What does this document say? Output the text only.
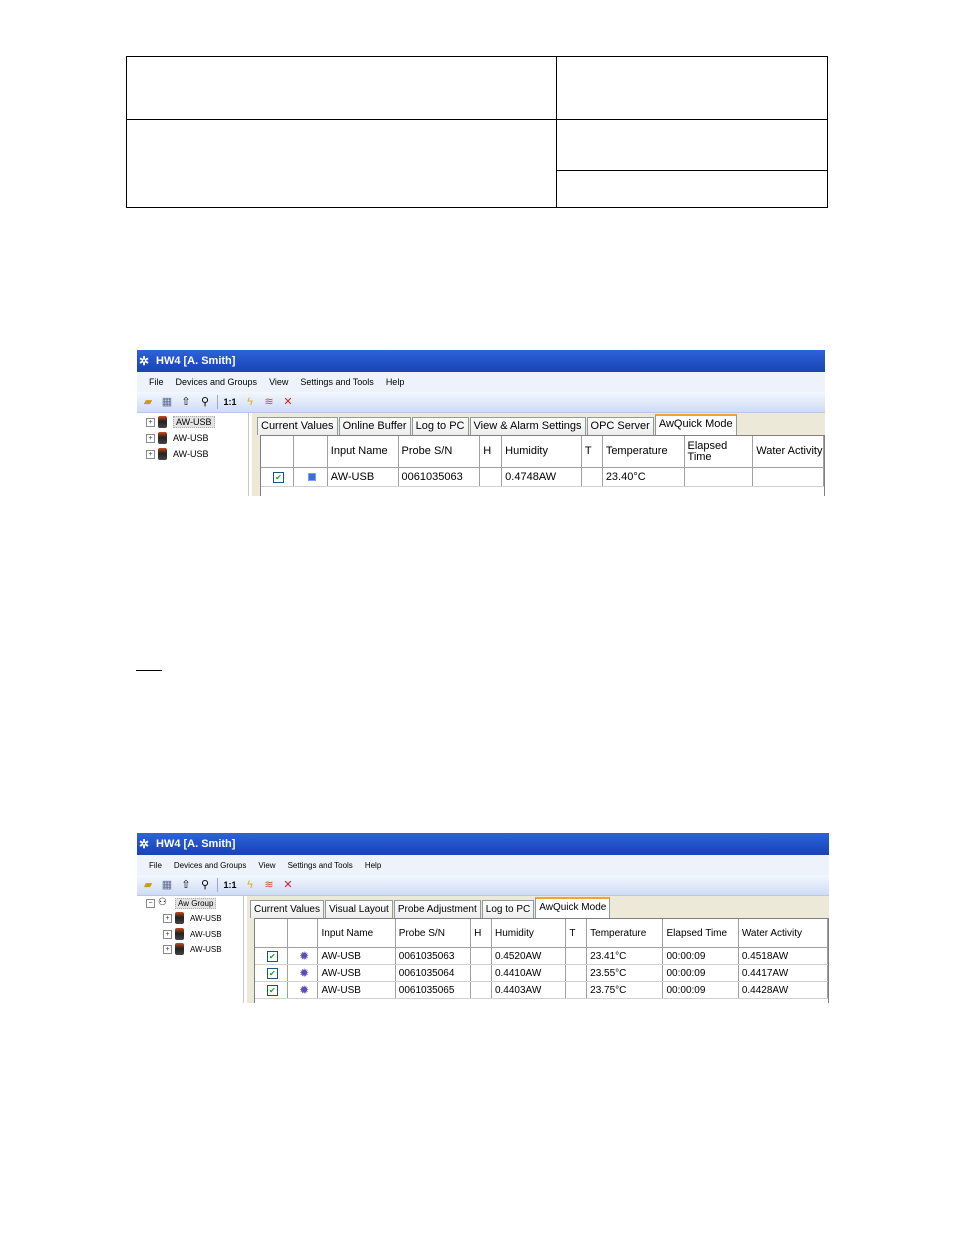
✲ HW4 [A. Smith]
File Devices and Groups View Settings and Tools Help
▰ ▦ ⇧ ⚲	1:1 ϟ	≋ ✕
+	AW-USB
+ AW-USB
+ AW-USB
Current Values Online Buffer Log to PC View & Alarm Settings OPC Server AwQuick Mode
Input Name	Probe S/N	H	Humidity	T	Temperature	Elapsed Time	Water Activity
✔	AW-USB	0061035063	0.4748AW	23.40°C
✲ HW4 [A. Smith]
File Devices and Groups View Settings and Tools Help
▰ ▦ ⇧ ⚲	1:1 ϟ	≋ ✕
− ⚇	Aw Group
+	AW-USB
+	AW-USB
+	AW-USB
Current Values Visual Layout Probe Adjustment Log to PC AwQuick Mode
Input Name	Probe S/N	H	Humidity	T	Temperature	Elapsed Time	Water Activity
✔ ✹	AW-USB	0061035063	0.4520AW	23.41°C	00:00:09	0.4518AW
✔ ✹	AW-USB	0061035064	0.4410AW	23.55°C	00:00:09	0.4417AW
✔ ✹	AW-USB	0061035065	0.4403AW	23.75°C	00:00:09	0.4428AW
